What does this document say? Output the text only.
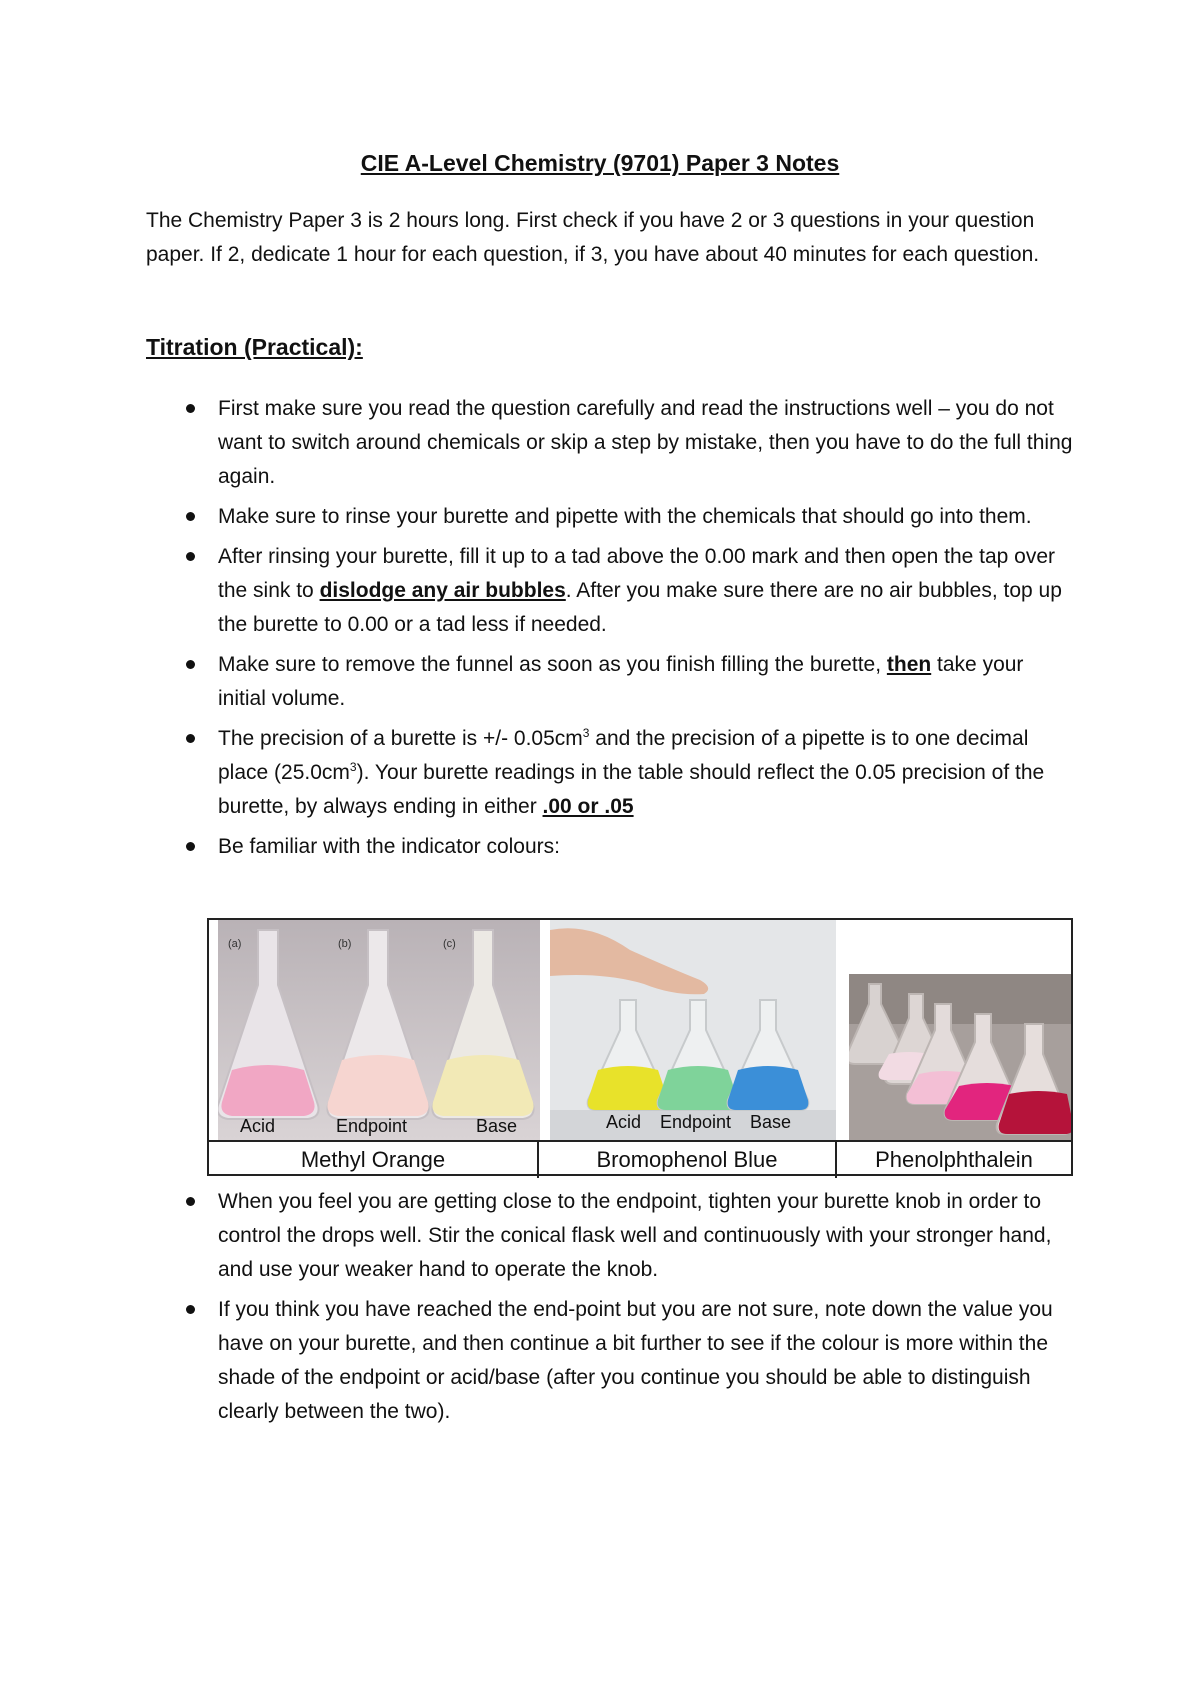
CIE A-Level Chemistry (9701) Paper 3 Notes
The Chemistry Paper 3 is 2 hours long. First check if you have 2 or 3 questions in your question paper. If 2, dedicate 1 hour for each question, if 3, you have about 40 minutes for each question.
Titration (Practical):
First make sure you read the question carefully and read the instructions well – you do not want to switch around chemicals or skip a step by mistake, then you have to do the full thing again.
Make sure to rinse your burette and pipette with the chemicals that should go into them.
After rinsing your burette, fill it up to a tad above the 0.00 mark and then open the tap over the sink to dislodge any air bubbles. After you make sure there are no air bubbles, top up the burette to 0.00 or a tad less if needed.
Make sure to remove the funnel as soon as you finish filling the burette, then take your initial volume.
The precision of a burette is +/- $0.05cm^3$ and the precision of a pipette is to one decimal place $(25.0cm^3)$. Your burette readings in the table should reflect the 0.05 precision of the burette, by always ending in either .00 or .05
Be familiar with the indicator colours:
(a)	(b)	(c)
Acid	Endpoint	Base	Acid Endpoint Base
Methyl Orange	Bromophenol Blue	Phenolphthalein
When you feel you are getting close to the endpoint, tighten your burette knob in order to control the drops well. Stir the conical flask well and continuously with your stronger hand, and use your weaker hand to operate the knob.
If you think you have reached the end-point but you are not sure, note down the value you have on your burette, and then continue a bit further to see if the colour is more within the shade of the endpoint or acid/base (after you continue you should be able to distinguish clearly between the two).
